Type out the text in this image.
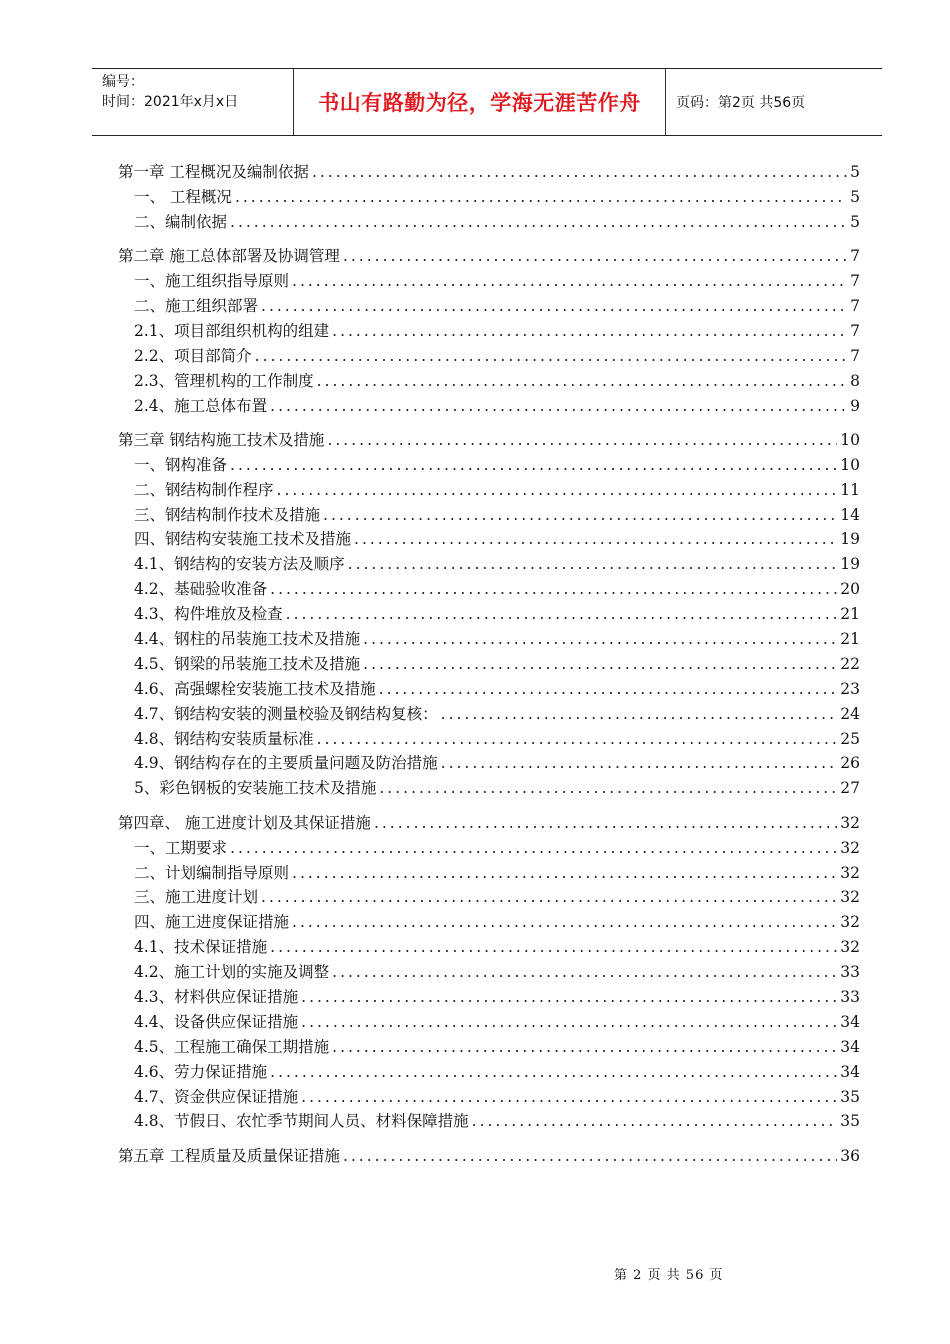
编号：
时间：2021年x月x日	书山有路勤为径，学海无涯苦作舟	页码：第2页 共56页
第一章 工程概况及编制依据 .....	5
一、 工程概况 .....	5
二、编制依据 .....	5
第二章 施工总体部署及协调管理 .....	7
一、施工组织指导原则 .....	7
二、施工组织部署 .....	7
2.1、项目部组织机构的组建 .....	7
2.2、项目部简介 .....	7
2.3、管理机构的工作制度 .....	8
2.4、施工总体布置 .....	9
第三章 钢结构施工技术及措施 .....	10
一、钢构准备 .....	10
二、钢结构制作程序 .....	11
三、钢结构制作技术及措施 .....	14
四、钢结构安装施工技术及措施 .....	19
4.1、钢结构的安装方法及顺序 .....	19
4.2、基础验收准备 .....	20
4.3、构件堆放及检查 .....	21
4.4、钢柱的吊装施工技术及措施 .....	21
4.5、钢梁的吊装施工技术及措施 .....	22
4.6、高强螺栓安装施工技术及措施 .....	23
4.7、钢结构安装的测量校验及钢结构复核： .....	24
4.8、钢结构安装质量标准 .....	25
4.9、钢结构存在的主要质量问题及防治措施 .....	26
5、彩色钢板的安装施工技术及措施 .....	27
第四章、 施工进度计划及其保证措施 .....	32
一、工期要求 .....	32
二、计划编制指导原则 .....	32
三、施工进度计划 .....	32
四、施工进度保证措施 .....	32
4.1、技术保证措施 .....	32
4.2、施工计划的实施及调整 .....	33
4.3、材料供应保证措施 .....	33
4.4、设备供应保证措施 .....	34
4.5、工程施工确保工期措施 .....	34
4.6、劳力保证措施 .....	34
4.7、资金供应保证措施 .....	35
4.8、节假日、农忙季节期间人员、材料保障措施 .....	35
第五章 工程质量及质量保证措施 .....	36
第 2 页 共 56 页
